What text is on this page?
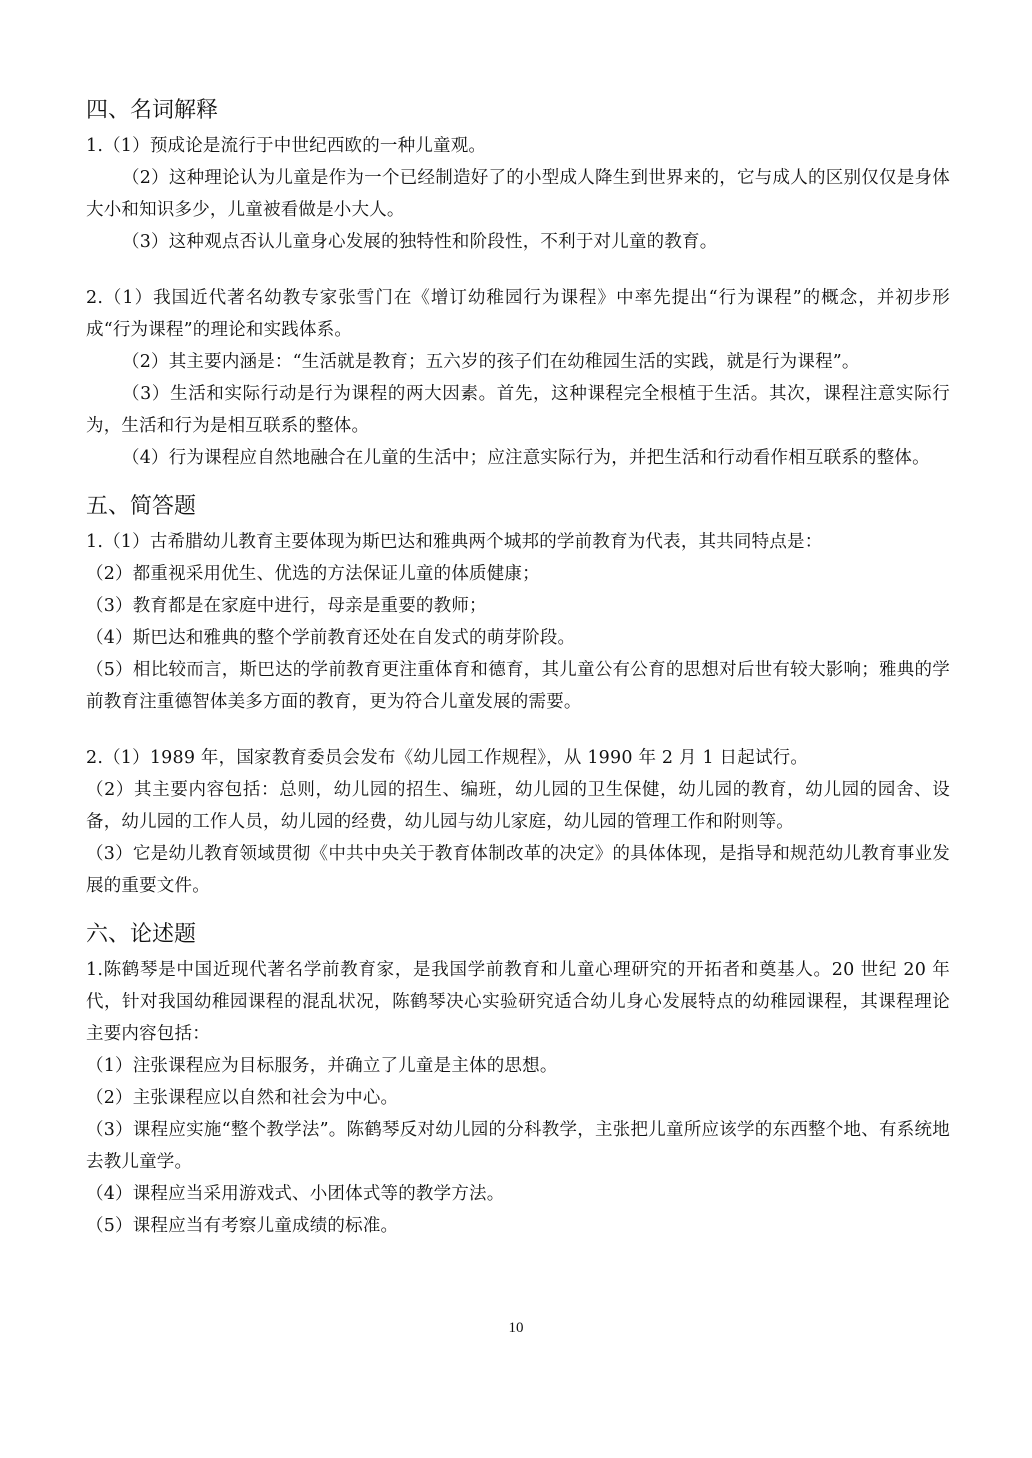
四、名词解释

1.（1）预成论是流行于中世纪西欧的一种儿童观。

（2）这种理论认为儿童是作为一个已经制造好了的小型成人降生到世界来的，它与成人的区别仅仅是身体大小和知识多少，儿童被看做是小大人。

（3）这种观点否认儿童身心发展的独特性和阶段性，不利于对儿童的教育。

2.（1）我国近代著名幼教专家张雪门在《增订幼稚园行为课程》中率先提出“行为课程”的概念，并初步形成“行为课程”的理论和实践体系。

（2）其主要内涵是：“生活就是教育；五六岁的孩子们在幼稚园生活的实践，就是行为课程”。

（3）生活和实际行动是行为课程的两大因素。首先，这种课程完全根植于生活。其次，课程注意实际行为，生活和行为是相互联系的整体。

（4）行为课程应自然地融合在儿童的生活中；应注意实际行为，并把生活和行动看作相互联系的整体。

五、简答题

1.（1）古希腊幼儿教育主要体现为斯巴达和雅典两个城邦的学前教育为代表，其共同特点是：

（2）都重视采用优生、优选的方法保证儿童的体质健康；

（3）教育都是在家庭中进行，母亲是重要的教师；

（4）斯巴达和雅典的整个学前教育还处在自发式的萌芽阶段。

（5）相比较而言，斯巴达的学前教育更注重体育和德育，其儿童公有公育的思想对后世有较大影响；雅典的学前教育注重德智体美多方面的教育，更为符合儿童发展的需要。

2.（1）1989 年，国家教育委员会发布《幼儿园工作规程》，从 1990 年 2 月 1 日起试行。

（2）其主要内容包括：总则，幼儿园的招生、编班，幼儿园的卫生保健，幼儿园的教育，幼儿园的园舍、设备，幼儿园的工作人员，幼儿园的经费，幼儿园与幼儿家庭，幼儿园的管理工作和附则等。

（3）它是幼儿教育领域贯彻《中共中央关于教育体制改革的决定》的具体体现，是指导和规范幼儿教育事业发展的重要文件。

六、论述题

1.陈鹤琴是中国近现代著名学前教育家，是我国学前教育和儿童心理研究的开拓者和奠基人。20 世纪 20 年代，针对我国幼稚园课程的混乱状况，陈鹤琴决心实验研究适合幼儿身心发展特点的幼稚园课程，其课程理论主要内容包括：

（1）注张课程应为目标服务，并确立了儿童是主体的思想。

（2）主张课程应以自然和社会为中心。

（3）课程应实施“整个教学法”。陈鹤琴反对幼儿园的分科教学，主张把儿童所应该学的东西整个地、有系统地去教儿童学。

（4）课程应当采用游戏式、小团体式等的教学方法。

（5）课程应当有考察儿童成绩的标准。

10
